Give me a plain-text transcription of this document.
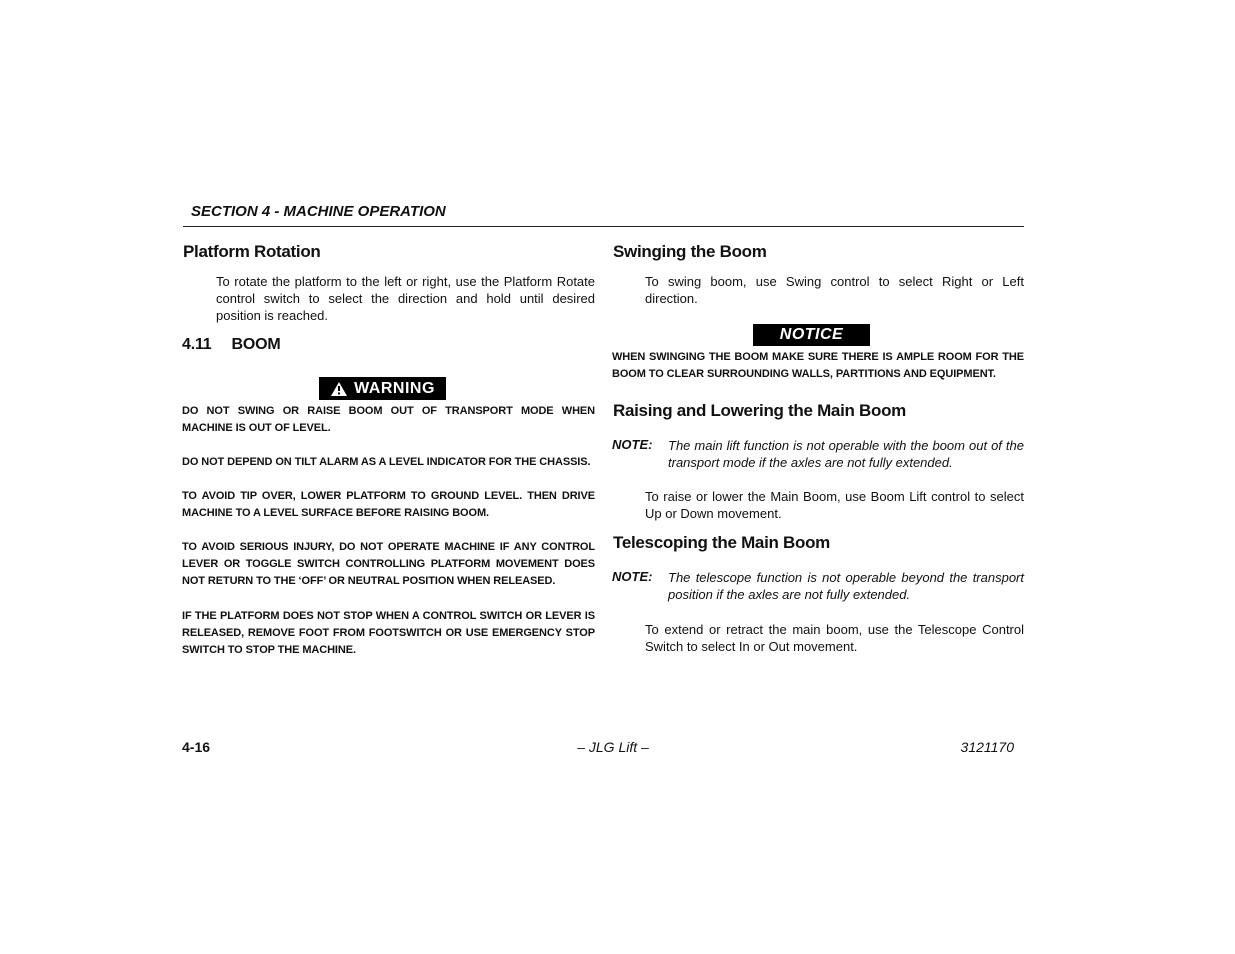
SECTION 4 - MACHINE OPERATION
Platform Rotation
To rotate the platform to the left or right, use the Platform Rotate control switch to select the direction and hold until desired position is reached.
4.11 BOOM
WARNING
DO NOT SWING OR RAISE BOOM OUT OF TRANSPORT MODE WHEN MACHINE IS OUT OF LEVEL.
DO NOT DEPEND ON TILT ALARM AS A LEVEL INDICATOR FOR THE CHASSIS.
TO AVOID TIP OVER, LOWER PLATFORM TO GROUND LEVEL. THEN DRIVE MACHINE TO A LEVEL SURFACE BEFORE RAISING BOOM.
TO AVOID SERIOUS INJURY, DO NOT OPERATE MACHINE IF ANY CONTROL LEVER OR TOGGLE SWITCH CONTROLLING PLATFORM MOVEMENT DOES NOT RETURN TO THE ‘OFF’ OR NEUTRAL POSITION WHEN RELEASED.
IF THE PLATFORM DOES NOT STOP WHEN A CONTROL SWITCH OR LEVER IS RELEASED, REMOVE FOOT FROM FOOTSWITCH OR USE EMERGENCY STOP SWITCH TO STOP THE MACHINE.
Swinging the Boom
To swing boom, use Swing control to select Right or Left direction.
NOTICE
WHEN SWINGING THE BOOM MAKE SURE THERE IS AMPLE ROOM FOR THE BOOM TO CLEAR SURROUNDING WALLS, PARTITIONS AND EQUIPMENT.
Raising and Lowering the Main Boom
NOTE: The main lift function is not operable with the boom out of the transport mode if the axles are not fully extended.
To raise or lower the Main Boom, use Boom Lift control to select Up or Down movement.
Telescoping the Main Boom
NOTE: The telescope function is not operable beyond the transport position if the axles are not fully extended.
To extend or retract the main boom, use the Telescope Control Switch to select In or Out movement.
4-16	– JLG Lift –	3121170
